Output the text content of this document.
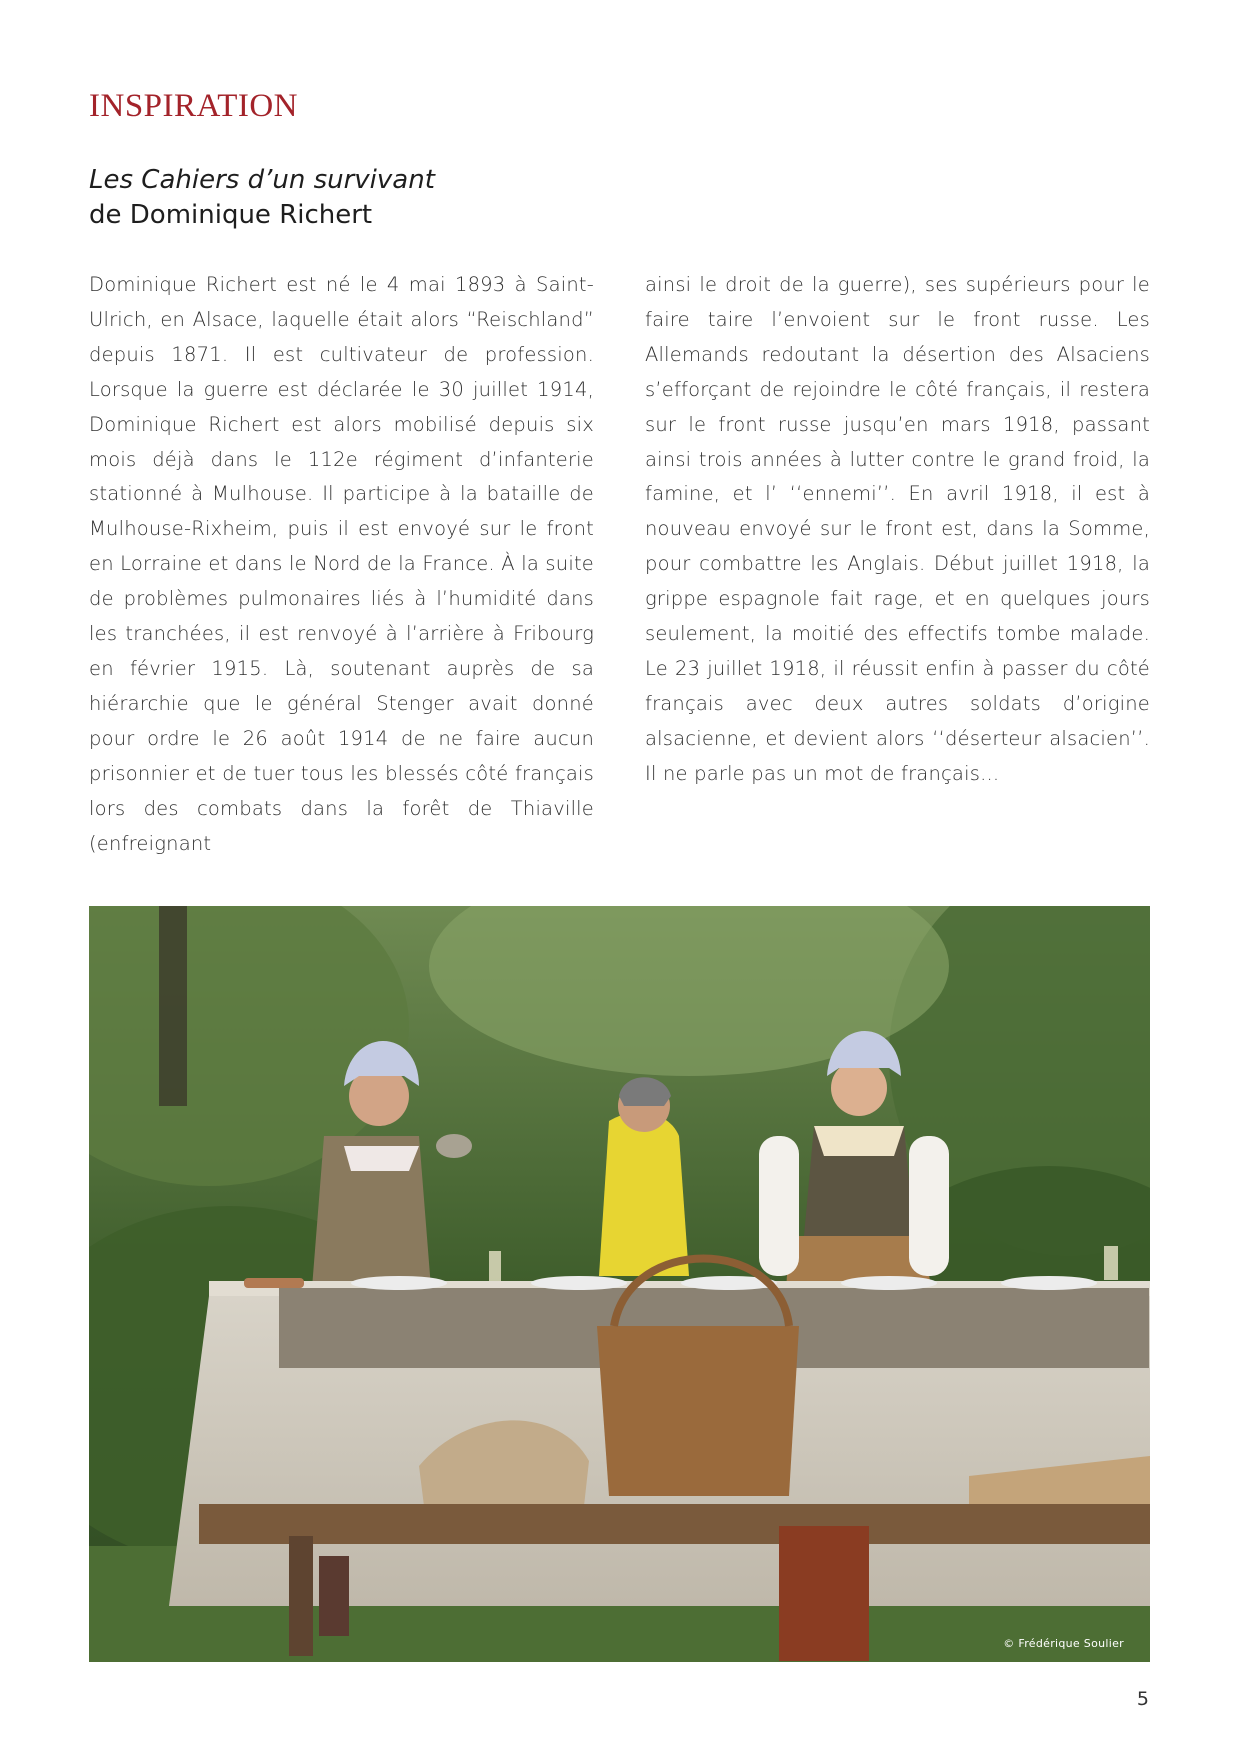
INSPIRATION
Les Cahiers d’un survivant
de Dominique Richert

Dominique Richert est né le 4 mai 1893 à Saint-Ulrich, en Alsace, laquelle était alors “Reischland” depuis 1871. Il est cultivateur de profession. Lorsque la guerre est déclarée le 30 juillet 1914, Dominique Richert est alors mobilisé depuis six mois déjà dans le 112e régiment d’infanterie stationné à Mulhouse. Il participe à la bataille de Mulhouse-Rixheim, puis il est envoyé sur le front en Lorraine et dans le Nord de la France. À la suite de problèmes pulmonaires liés à l’humidité dans les tranchées, il est renvoyé à l’arrière à Fribourg en février 1915. Là, soutenant auprès de sa hiérarchie que le général Stenger avait donné pour ordre le 26 août 1914 de ne faire aucun prisonnier et de tuer tous les blessés côté français lors des combats dans la forêt de Thiaville (enfreignant

ainsi le droit de la guerre), ses supérieurs pour le faire taire l’envoient sur le front russe. Les Allemands redoutant la désertion des Alsaciens s’efforçant de rejoindre le côté français, il restera sur le front russe jusqu’en mars 1918, passant ainsi trois années à lutter contre le grand froid, la famine, et l’ ‘‘ennemi’’. En avril 1918, il est à nouveau envoyé sur le front est, dans la Somme, pour combattre les Anglais. Début juillet 1918, la grippe espagnole fait rage, et en quelques jours seulement, la moitié des effectifs tombe malade. Le 23 juillet 1918, il réussit enfin à passer du côté français avec deux autres soldats d’origine alsacienne, et devient alors ‘‘déserteur alsacien’’. Il ne parle pas un mot de français...

© Frédérique Soulier
5
